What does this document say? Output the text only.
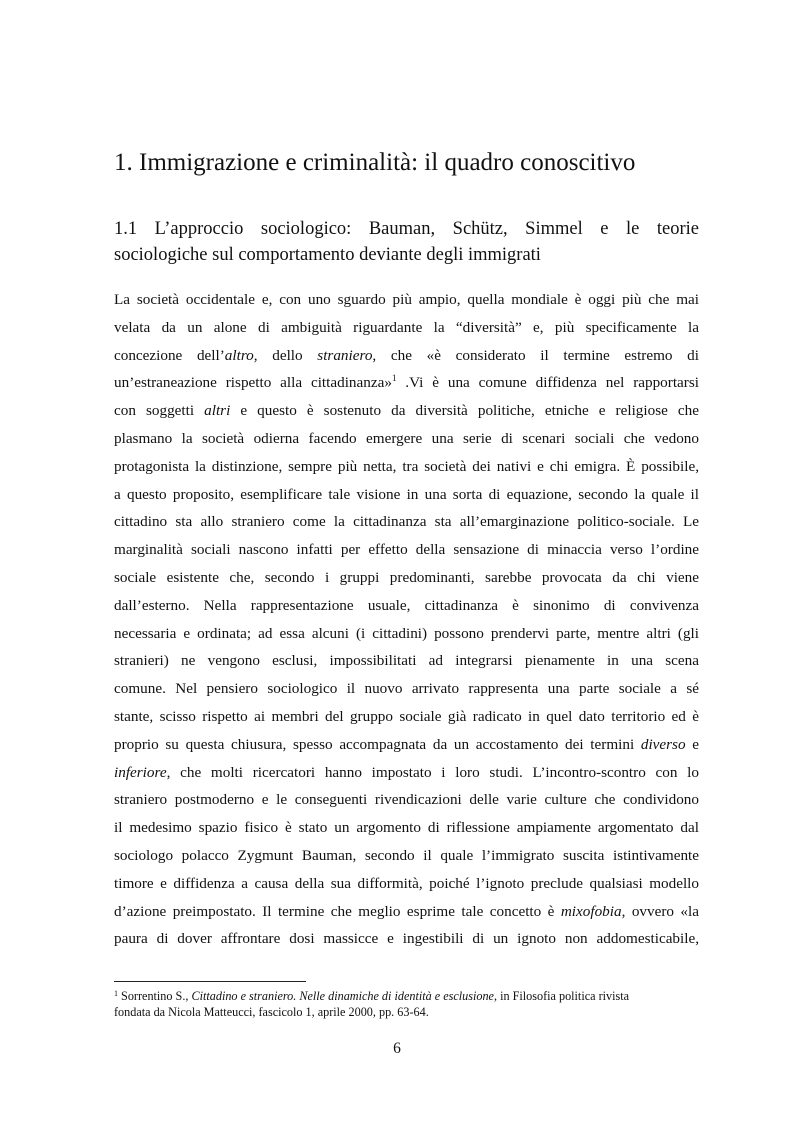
1. Immigrazione e criminalità: il quadro conoscitivo
1.1 L’approccio sociologico: Bauman, Schütz, Simmel e le teorie
sociologiche sul comportamento deviante degli immigrati
La società occidentale e, con uno sguardo più ampio, quella mondiale è oggi più che mai
velata da un alone di ambiguità riguardante la “diversità” e, più specificamente la
concezione dell’altro, dello straniero, che «è considerato il termine estremo di
un’estraneazione rispetto alla cittadinanza»$^1$ .Vi è una comune diffidenza nel rapportarsi
con soggetti altri e questo è sostenuto da diversità politiche, etniche e religiose che
plasmano la società odierna facendo emergere una serie di scenari sociali che vedono
protagonista la distinzione, sempre più netta, tra società dei nativi e chi emigra. È possibile,
a questo proposito, esemplificare tale visione in una sorta di equazione, secondo la quale il
cittadino sta allo straniero come la cittadinanza sta all’emarginazione politico-sociale. Le
marginalità sociali nascono infatti per effetto della sensazione di minaccia verso l’ordine
sociale esistente che, secondo i gruppi predominanti, sarebbe provocata da chi viene
dall’esterno. Nella rappresentazione usuale, cittadinanza è sinonimo di convivenza
necessaria e ordinata; ad essa alcuni (i cittadini) possono prendervi parte, mentre altri (gli
stranieri) ne vengono esclusi, impossibilitati ad integrarsi pienamente in una scena
comune. Nel pensiero sociologico il nuovo arrivato rappresenta una parte sociale a sé
stante, scisso rispetto ai membri del gruppo sociale già radicato in quel dato territorio ed è
proprio su questa chiusura, spesso accompagnata da un accostamento dei termini diverso e
inferiore, che molti ricercatori hanno impostato i loro studi. L’incontro-scontro con lo
straniero postmoderno e le conseguenti rivendicazioni delle varie culture che condividono
il medesimo spazio fisico è stato un argomento di riflessione ampiamente argomentato dal
sociologo polacco Zygmunt Bauman, secondo il quale l’immigrato suscita istintivamente
timore e diffidenza a causa della sua difformità, poiché l’ignoto preclude qualsiasi modello
d’azione preimpostato. Il termine che meglio esprime tale concetto è mixofobia, ovvero «la
paura di dover affrontare dosi massicce e ingestibili di un ignoto non addomesticabile,
$^1$ Sorrentino S., Cittadino e straniero. Nelle dinamiche di identità e esclusione, in Filosofia politica rivista
fondata da Nicola Matteucci, fascicolo 1, aprile 2000, pp. 63-64.

6
